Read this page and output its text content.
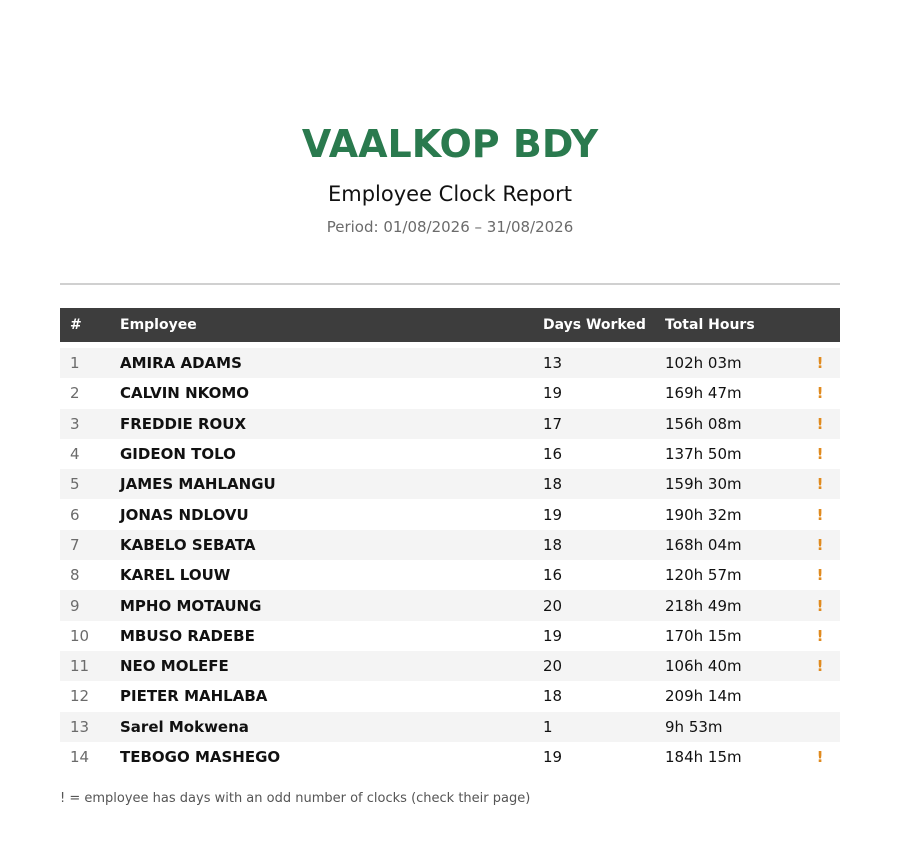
VAALKOP BDY
Employee Clock Report
Period: 01/08/2026 – 31/08/2026
#	Employee	Days Worked	Total Hours	

1	AMIRA ADAMS	13	102h 03m	!
2	CALVIN NKOMO	19	169h 47m	!
3	FREDDIE ROUX	17	156h 08m	!
4	GIDEON TOLO	16	137h 50m	!
5	JAMES MAHLANGU	18	159h 30m	!
6	JONAS NDLOVU	19	190h 32m	!
7	KABELO SEBATA	18	168h 04m	!
8	KAREL LOUW	16	120h 57m	!
9	MPHO MOTAUNG	20	218h 49m	!
10	MBUSO RADEBE	19	170h 15m	!
11	NEO MOLEFE	20	106h 40m	!
12	PIETER MAHLABA	18	209h 14m	
13	Sarel Mokwena	1	9h 53m	
14	TEBOGO MASHEGO	19	184h 15m	!
! = employee has days with an odd number of clocks (check their page)
